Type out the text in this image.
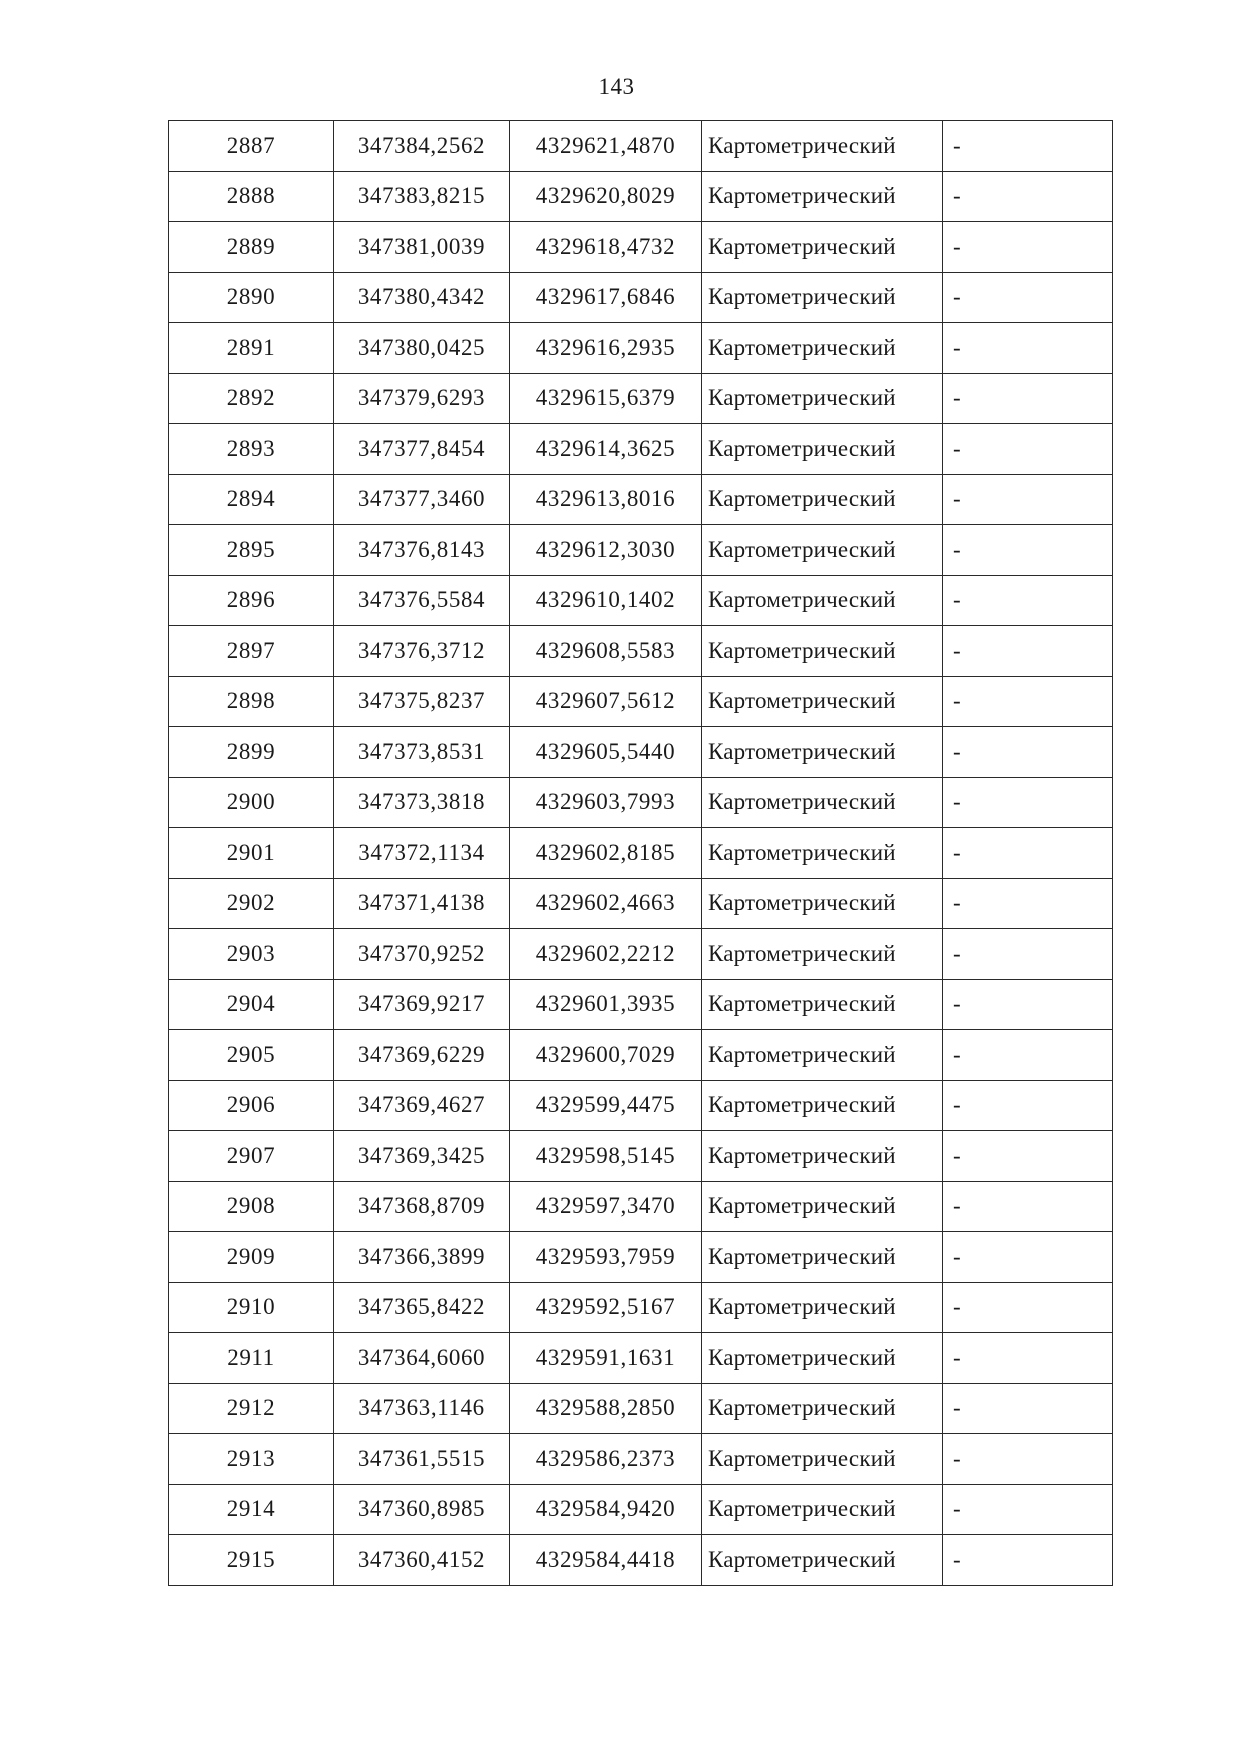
143
2887	347384,2562	4329621,4870	Картометрический	-
2888	347383,8215	4329620,8029	Картометрический	-
2889	347381,0039	4329618,4732	Картометрический	-
2890	347380,4342	4329617,6846	Картометрический	-
2891	347380,0425	4329616,2935	Картометрический	-
2892	347379,6293	4329615,6379	Картометрический	-
2893	347377,8454	4329614,3625	Картометрический	-
2894	347377,3460	4329613,8016	Картометрический	-
2895	347376,8143	4329612,3030	Картометрический	-
2896	347376,5584	4329610,1402	Картометрический	-
2897	347376,3712	4329608,5583	Картометрический	-
2898	347375,8237	4329607,5612	Картометрический	-
2899	347373,8531	4329605,5440	Картометрический	-
2900	347373,3818	4329603,7993	Картометрический	-
2901	347372,1134	4329602,8185	Картометрический	-
2902	347371,4138	4329602,4663	Картометрический	-
2903	347370,9252	4329602,2212	Картометрический	-
2904	347369,9217	4329601,3935	Картометрический	-
2905	347369,6229	4329600,7029	Картометрический	-
2906	347369,4627	4329599,4475	Картометрический	-
2907	347369,3425	4329598,5145	Картометрический	-
2908	347368,8709	4329597,3470	Картометрический	-
2909	347366,3899	4329593,7959	Картометрический	-
2910	347365,8422	4329592,5167	Картометрический	-
2911	347364,6060	4329591,1631	Картометрический	-
2912	347363,1146	4329588,2850	Картометрический	-
2913	347361,5515	4329586,2373	Картометрический	-
2914	347360,8985	4329584,9420	Картометрический	-
2915	347360,4152	4329584,4418	Картометрический	-
